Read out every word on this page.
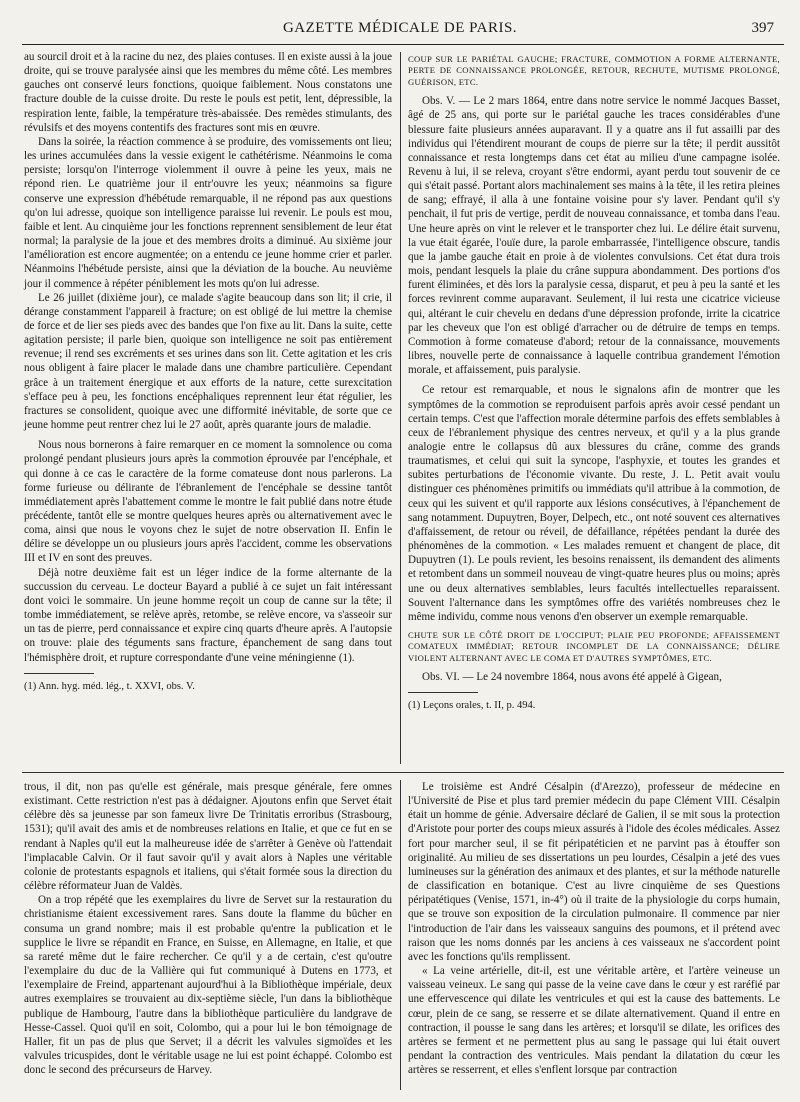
GAZETTE MÉDICALE DE PARIS.	397

au sourcil droit et à la racine du nez, des plaies contuses. Il en existe aussi à la joue droite, qui se trouve paralysée ainsi que les membres du même côté. Les membres gauches ont conservé leurs fonctions, quoique faiblement. Nous constatons une fracture double de la cuisse droite. Du reste le pouls est petit, lent, dépressible, la respiration lente, faible, la température très-abaissée. Des remèdes stimulants, des révulsifs et des moyens contentifs des fractures sont mis en œuvre.

Dans la soirée, la réaction commence à se produire, des vomissements ont lieu; les urines accumulées dans la vessie exigent le cathétérisme. Néanmoins le coma persiste; lorsqu'on l'interroge violemment il ouvre à peine les yeux, mais ne répond rien. Le quatrième jour il entr'ouvre les yeux; néanmoins sa figure conserve une expression d'hébétude remarquable, il ne répond pas aux questions qu'on lui adresse, quoique son intelligence paraisse lui revenir. Le pouls est mou, faible et lent. Au cinquième jour les fonctions reprennent sensiblement de leur état normal; la paralysie de la joue et des membres droits a diminué. Au sixième jour l'amélioration est encore augmentée; on a entendu ce jeune homme crier et parler. Néanmoins l'hébétude persiste, ainsi que la déviation de la bouche. Au neuvième jour il commence à répéter péniblement les mots qu'on lui adresse.

Le 26 juillet (dixième jour), ce malade s'agite beaucoup dans son lit; il crie, il dérange constamment l'appareil à fracture; on est obligé de lui mettre la chemise de force et de lier ses pieds avec des bandes que l'on fixe au lit. Dans la suite, cette agitation persiste; il parle bien, quoique son intelligence ne soit pas entièrement revenue; il rend ses excréments et ses urines dans son lit. Cette agitation et les cris nous obligent à faire placer le malade dans une chambre particulière. Cependant grâce à un traitement énergique et aux efforts de la nature, cette surexcitation s'efface peu à peu, les fonctions encéphaliques reprennent leur état régulier, les fractures se consolident, quoique avec une difformité inévitable, de sorte que ce jeune homme peut rentrer chez lui le 27 août, après quarante jours de maladie.

Nous nous bornerons à faire remarquer en ce moment la somnolence ou coma prolongé pendant plusieurs jours après la commotion éprouvée par l'encéphale, et qui donne à ce cas le caractère de la forme comateuse dont nous parlerons. La forme furieuse ou délirante de l'ébranlement de l'encéphale se dessine tantôt immédiatement après l'abattement comme le montre le fait publié dans notre étude précédente, tantôt elle se montre quelques heures après ou alternativement avec le coma, ainsi que nous le voyons chez le sujet de notre observation II. Enfin le délire se développe un ou plusieurs jours après l'accident, comme les observations III et IV en sont des preuves.

Déjà notre deuxième fait est un léger indice de la forme alternante de la succussion du cerveau. Le docteur Bayard a publié à ce sujet un fait intéressant dont voici le sommaire. Un jeune homme reçoit un coup de canne sur la tête; il tombe immédiatement, se relève après, retombe, se relève encore, va s'asseoir sur un tas de pierre, perd connaissance et expire cinq quarts d'heure après. A l'autopsie on trouve: plaie des téguments sans fracture, épanchement de sang dans tout l'hémisphère droit, et rupture correspondante d'une veine méningienne (1).

(1) Ann. hyg. méd. lég., t. XXVI, obs. V.

COUP SUR LE PARIÉTAL GAUCHE; FRACTURE, COMMOTION A FORME ALTERNANTE, PERTE DE CONNAISSANCE PROLONGÉE, RETOUR, RECHUTE, MUTISME PROLONGÉ, GUÉRISON, ETC.

Obs. V. — Le 2 mars 1864, entre dans notre service le nommé Jacques Basset, âgé de 25 ans, qui porte sur le pariétal gauche les traces considérables d'une blessure faite plusieurs années auparavant. Il y a quatre ans il fut assailli par des individus qui l'étendirent mourant de coups de pierre sur la tête; il perdit aussitôt connaissance et resta longtemps dans cet état au milieu d'une campagne isolée. Revenu à lui, il se releva, croyant s'être endormi, ayant perdu tout souvenir de ce qui s'était passé. Portant alors machinalement ses mains à la tête, il les retira pleines de sang; effrayé, il alla à une fontaine voisine pour s'y laver. Pendant qu'il s'y penchait, il fut pris de vertige, perdit de nouveau connaissance, et tomba dans l'eau. Une heure après on vint le relever et le transporter chez lui. Le délire était survenu, la vue était égarée, l'ouïe dure, la parole embarrassée, l'intelligence obscure, tandis que la jambe gauche était en proie à de violentes convulsions. Cet état dura trois mois, pendant lesquels la plaie du crâne suppura abondamment. Des portions d'os furent éliminées, et dès lors la paralysie cessa, disparut, et peu à peu la santé et les forces revinrent comme auparavant. Seulement, il lui resta une cicatrice vicieuse qui, altérant le cuir chevelu en dedans d'une dépression profonde, irrite la cicatrice par les cheveux que l'on est obligé d'arracher ou de détruire de temps en temps. Commotion à forme comateuse d'abord; retour de la connaissance, mouvements libres, nouvelle perte de connaissance à laquelle contribua grandement l'émotion morale, et affaissement, puis paralysie.

Ce retour est remarquable, et nous le signalons afin de montrer que les symptômes de la commotion se reproduisent parfois après avoir cessé pendant un certain temps. C'est que l'affection morale détermine parfois des effets semblables à ceux de l'ébranlement physique des centres nerveux, et qu'il y a la plus grande analogie entre le collapsus dû aux blessures du crâne, comme des grands traumatismes, et celui qui suit la syncope, l'asphyxie, et toutes les grandes et subites perturbations de l'économie vivante. Du reste, J. L. Petit avait voulu distinguer ces phénomènes primitifs ou immédiats qu'il attribue à la commotion, de ceux qui les suivent et qu'il rapporte aux lésions consécutives, à l'épanchement de sang notamment. Dupuytren, Boyer, Delpech, etc., ont noté souvent ces alternatives d'affaissement, de retour ou réveil, de défaillance, répétées pendant la durée des phénomènes de la commotion. « Les malades remuent et changent de place, dit Dupuytren (1). Le pouls revient, les besoins renaissent, ils demandent des aliments et retombent dans un sommeil nouveau de vingt-quatre heures plus ou moins; après une ou deux alternatives semblables, leurs facultés intellectuelles reparaissent. Souvent l'alternance dans les symptômes offre des variétés nombreuses chez le même individu, comme nous venons d'en observer un exemple remarquable.

CHUTE SUR LE CÔTÉ DROIT DE L'OCCIPUT; PLAIE PEU PROFONDE; AFFAISSEMENT COMATEUX IMMÉDIAT; RETOUR INCOMPLET DE LA CONNAISSANCE; DÉLIRE VIOLENT ALTERNANT AVEC LE COMA ET D'AUTRES SYMPTÔMES, ETC.

Obs. VI. — Le 24 novembre 1864, nous avons été appelé à Gigean,

(1) Leçons orales, t. II, p. 494.

trous, il dit, non pas qu'elle est générale, mais presque générale, fere omnes existimant. Cette restriction n'est pas à dédaigner. Ajoutons enfin que Servet était célèbre dès sa jeunesse par son fameux livre De Trinitatis erroribus (Strasbourg, 1531); qu'il avait des amis et de nombreuses relations en Italie, et que ce fut en se rendant à Naples qu'il eut la malheureuse idée de s'arrêter à Genève où l'attendait l'implacable Calvin. Or il faut savoir qu'il y avait alors à Naples une véritable colonie de protestants espagnols et italiens, qui s'était formée sous la direction du célèbre réformateur Juan de Valdès.

On a trop répété que les exemplaires du livre de Servet sur la restauration du christianisme étaient excessivement rares. Sans doute la flamme du bûcher en consuma un grand nombre; mais il est probable qu'entre la publication et le supplice le livre se répandit en France, en Suisse, en Allemagne, en Italie, et que sa rareté même dut le faire rechercher. Ce qu'il y a de certain, c'est qu'outre l'exemplaire du duc de la Vallière qui fut communiqué à Dutens en 1773, et l'exemplaire de Freind, appartenant aujourd'hui à la Bibliothèque impériale, deux autres exemplaires se trouvaient au dix-septième siècle, l'un dans la bibliothèque publique de Hambourg, l'autre dans la bibliothèque particulière du landgrave de Hesse-Cassel. Quoi qu'il en soit, Colombo, qui a pour lui le bon témoignage de Haller, fit un pas de plus que Servet; il a décrit les valvules sigmoïdes et les valvules tricuspides, dont le véritable usage ne lui est point échappé. Colombo est donc le second des précurseurs de Harvey.

Le troisième est André Césalpin (d'Arezzo), professeur de médecine en l'Université de Pise et plus tard premier médecin du pape Clément VIII. Césalpin était un homme de génie. Adversaire déclaré de Galien, il se mit sous la protection d'Aristote pour porter des coups mieux assurés à l'idole des écoles médicales. Assez fort pour marcher seul, il se fit péripatéticien et ne parvint pas à étouffer son originalité. Au milieu de ses dissertations un peu lourdes, Césalpin a jeté des vues lumineuses sur la génération des animaux et des plantes, et sur la méthode naturelle de classification en botanique. C'est au livre cinquième de ses Questions péripatétiques (Venise, 1571, in-4°) où il traite de la physiologie du corps humain, que se trouve son exposition de la circulation pulmonaire. Il commence par nier l'introduction de l'air dans les vaisseaux sanguins des poumons, et il prétend avec raison que les noms donnés par les anciens à ces vaisseaux ne s'accordent point avec les fonctions qu'ils remplissent.

« La veine artérielle, dit-il, est une véritable artère, et l'artère veineuse un vaisseau veineux. Le sang qui passe de la veine cave dans le cœur y est raréfié par une effervescence qui dilate les ventricules et qui est la cause des battements. Le cœur, plein de ce sang, se resserre et se dilate alternativement. Quand il entre en contraction, il pousse le sang dans les artères; et lorsqu'il se dilate, les orifices des artères se ferment et ne permettent plus au sang le passage qui lui était ouvert pendant la contraction des ventricules. Mais pendant la dilatation du cœur les artères se resserrent, et elles s'enflent lorsque par contraction
